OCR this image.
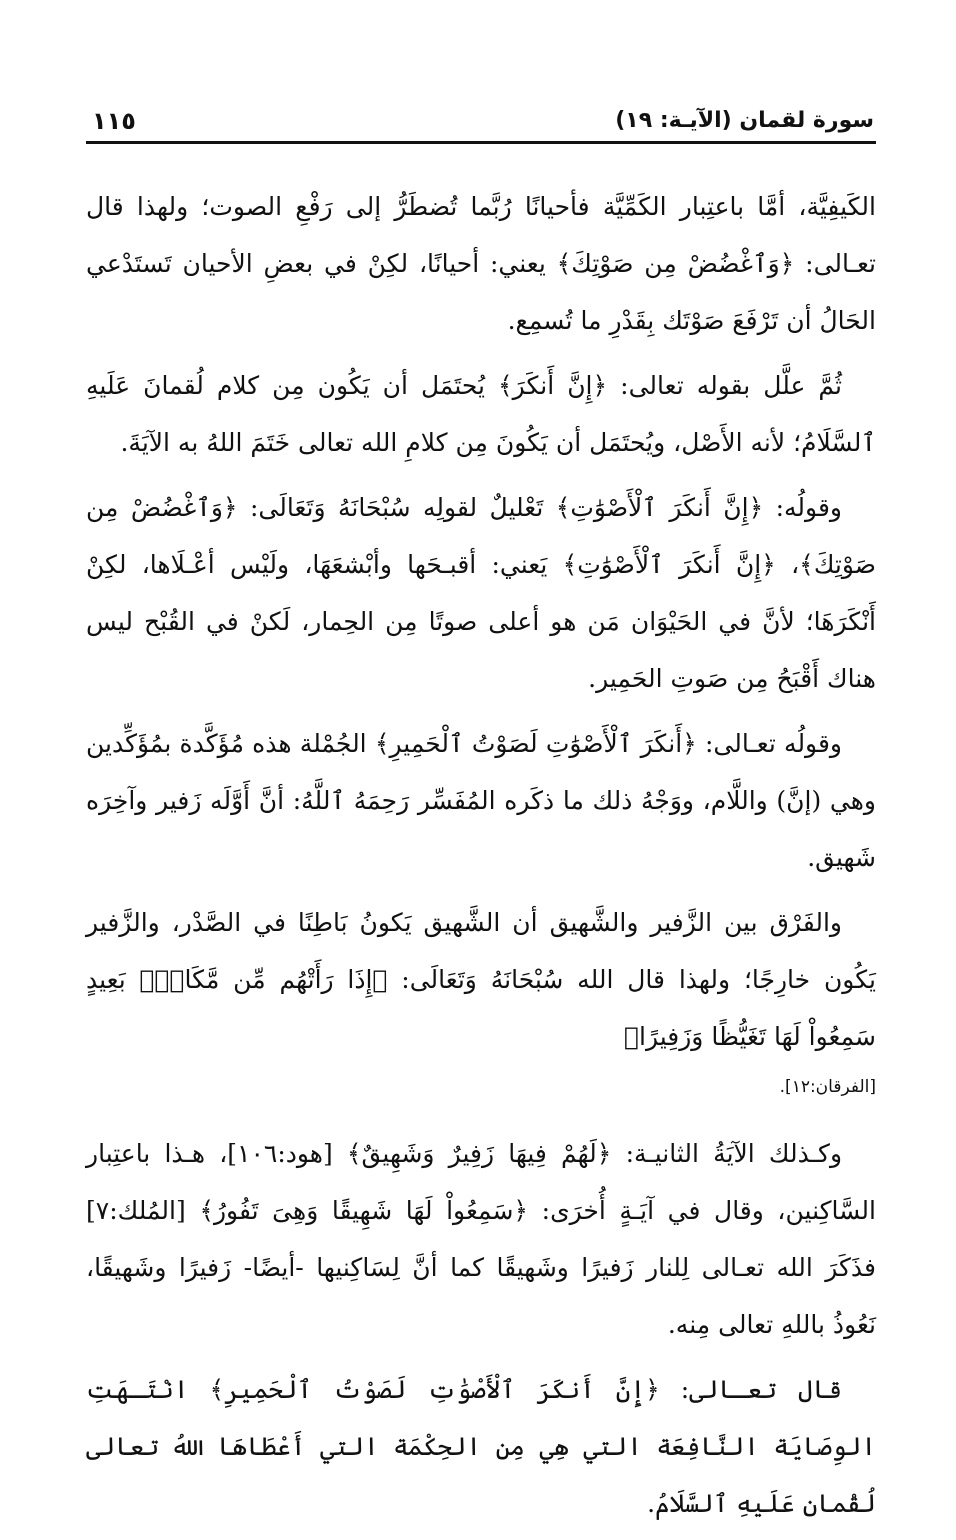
سورة لقمان (الآيـة: ١٩)
١١٥

الكَيفِيَّة، أمَّا باعتِبار الكَمِّيَّة فأحيانًا رُبَّما تُضطَرُّ إلى رَفْعِ الصوت؛ ولهذا قال تعـالى: ﴿وَٱغْضُضْ مِن صَوْتِكَ﴾ يعني: أحيانًا، لكِنْ في بعضِ الأحيان تَستَدْعي الحَالُ أن تَرْفَعَ صَوْتَك بِقَدْرِ ما تُسمِع.

ثُمَّ علَّل بقوله تعالى: ﴿إِنَّ أَنكَرَ﴾ يُحتَمَل أن يَكُون مِن كلام لُقمانَ عَلَيهِ ٱلسَّلَامُ؛ لأنه الأَصْل، ويُحتَمَل أن يَكُونَ مِن كلامِ الله تعالى خَتَمَ اللهُ به الآيَةَ.

وقولُه: ﴿إِنَّ أَنكَرَ ٱلْأَصْوَٰتِ﴾ تَعْليلٌ لقولِه سُبْحَانَهُ وَتَعَالَى: ﴿وَٱغْضُضْ مِن صَوْتِكَ﴾، ﴿إِنَّ أَنكَرَ ٱلْأَصْوَٰتِ﴾ يَعني: أقبـحَها وأبْشعَهَا، ولَيْس أعْـلَاها، لكِنْ أَنْكَرَهَا؛ لأنَّ في الحَيْوَان مَن هو أعلى صوتًا مِن الحِمار، لَكنْ في القُبْح ليس هناك أَقْبَحُ مِن صَوتِ الحَمِير.

وقولُه تعـالى: ﴿أَنكَرَ ٱلْأَصْوَٰتِ لَصَوْتُ ٱلْحَمِيرِ﴾ الجُمْلة هذه مُؤَكَّدة بمُؤَكِّدين وهي (إنَّ) واللَّام، ووَجْهُ ذلك ما ذكَره المُفَسِّر رَحِمَهُ ٱللَّهُ: أنَّ أَوَّلَه زَفير وآخِرَه شَهيق.

والفَرْق بين الزَّفير والشَّهيق أن الشَّهيق يَكونُ بَاطِنًا في الصَّدْر، والزَّفير يَكُون خارِجًا؛ ولهذا قال الله سُبْحَانَهُ وَتَعَالَى: ﴿إِذَا رَأَتْهُم مِّن مَّكَانٍۭ بَعِيدٍ سَمِعُواْ لَهَا تَغَيُّظًا وَزَفِيرًا﴾

[الفرقان:١٢].

وكـذلك الآيَةُ الثانيـة: ﴿لَهُمْ فِيهَا زَفِيرٌ وَشَهِيقٌ﴾ [هود:١٠٦]، هـذا باعتِبار السَّاكِنين، وقال في آيَـةٍ أُخرَى: ﴿سَمِعُواْ لَهَا شَهِيقًا وَهِىَ تَفُورُ﴾ [المُلك:٧] فذَكَرَ الله تعـالى لِلنار زَفيرًا وشَهيقًا كما أنَّ لِسَاكِنيها -أيضًا- زَفيرًا وشَهيقًا، نَعُوذُ باللهِ تعالى مِنه.

قال تعـالى: ﴿إِنَّ أَنكَرَ ٱلْأَصْوَٰتِ لَصَوْتُ ٱلْحَمِيرِ﴾ انْتَـهَتِ الوِصَايَة النَّافِعَة التي هِي مِن الحِكْمَة التي أَعْطَاهَا اللهُ تعالى لُقْمان عَلَيهِ ٱلسَّلَامُ.
